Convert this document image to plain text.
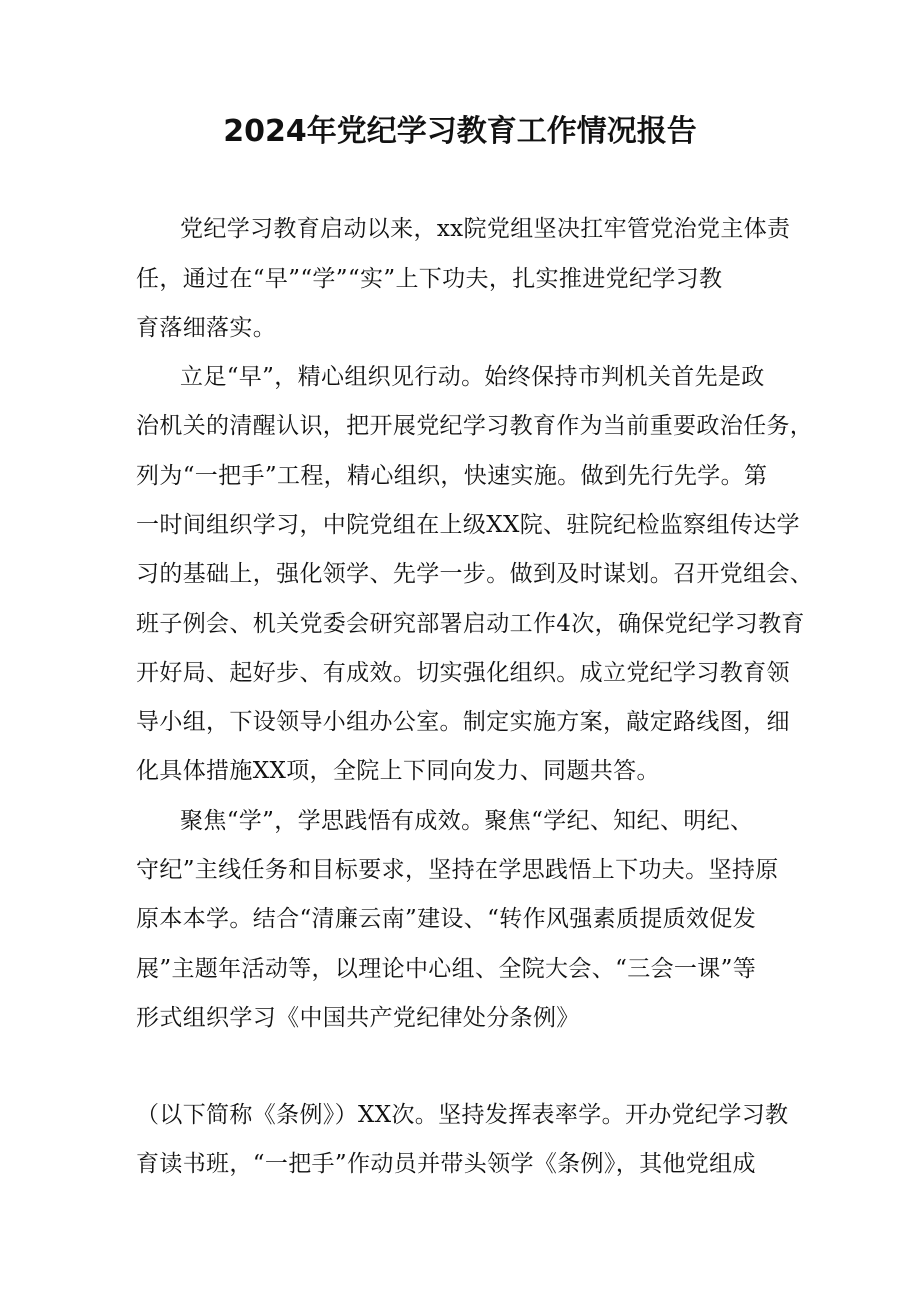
2024年党纪学习教育工作情况报告
党纪学习教育启动以来，xx院党组坚决扛牢管党治党主体责
任，通过在“早”“学”“实”上下功夫，扎实推进党纪学习教
育落细落实。
立足“早”，精心组织见行动。始终保持市判机关首先是政
治机关的清醒认识，把开展党纪学习教育作为当前重要政治任务，
列为“一把手”工程，精心组织，快速实施。做到先行先学。第
一时间组织学习，中院党组在上级XX院、驻院纪检监察组传达学
习的基础上，强化领学、先学一步。做到及时谋划。召开党组会、
班子例会、机关党委会研究部署启动工作4次，确保党纪学习教育
开好局、起好步、有成效。切实强化组织。成立党纪学习教育领
导小组，下设领导小组办公室。制定实施方案，敲定路线图，细
化具体措施XX项，全院上下同向发力、同题共答。
聚焦“学”，学思践悟有成效。聚焦“学纪、知纪、明纪、
守纪”主线任务和目标要求，坚持在学思践悟上下功夫。坚持原
原本本学。结合“清廉云南”建设、“转作风强素质提质效促发
展”主题年活动等，以理论中心组、全院大会、“三会一课”等
形式组织学习《中国共产党纪律处分条例》
（以下简称《条例》）XX次。坚持发挥表率学。开办党纪学习教
育读书班，“一把手”作动员并带头领学《条例》，其他党组成
